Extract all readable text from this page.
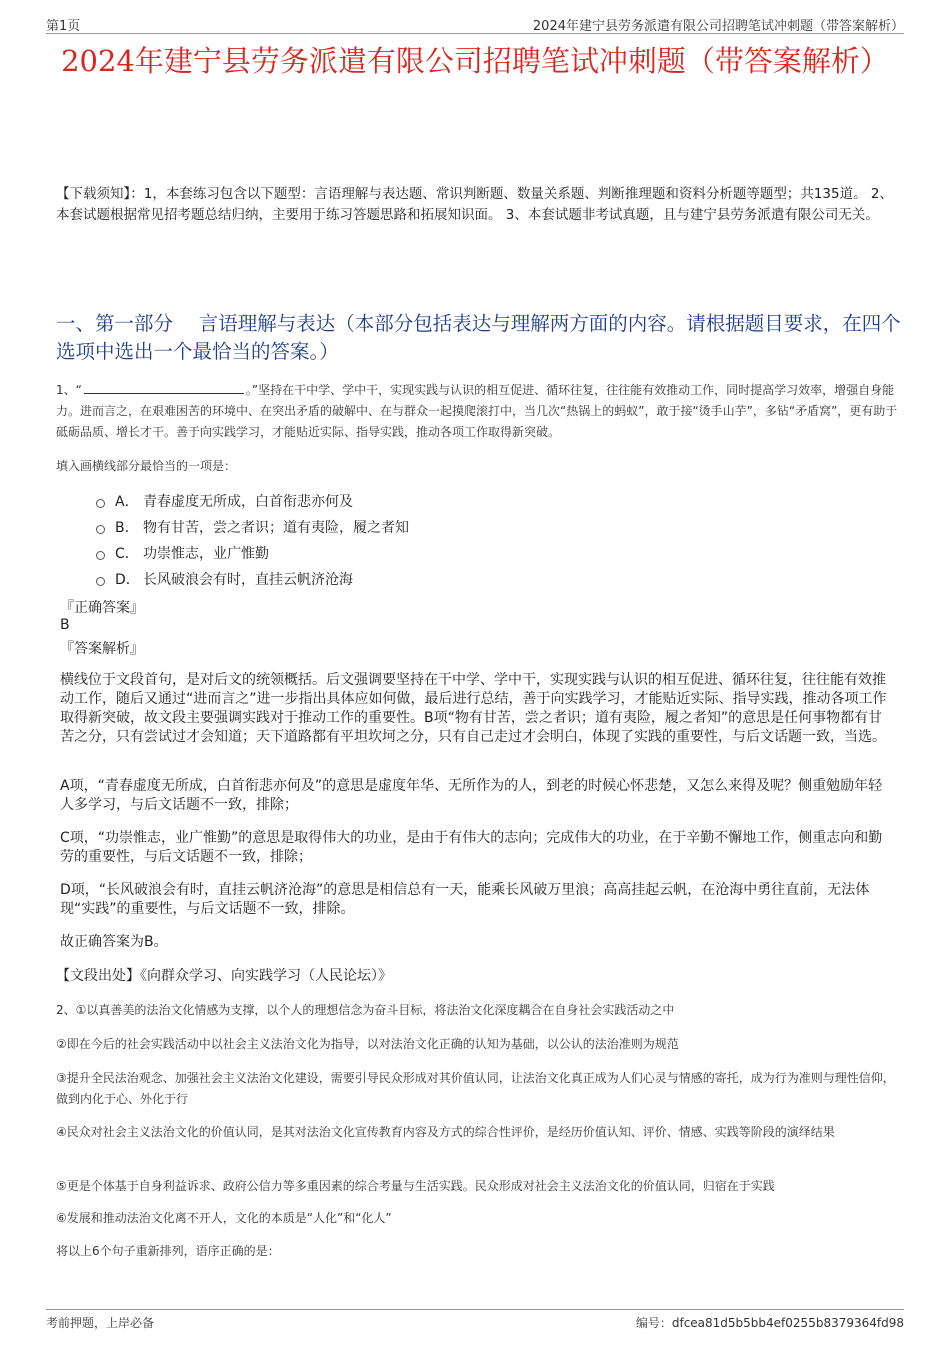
第1页	2024年建宁县劳务派遣有限公司招聘笔试冲刺题（带答案解析）
2024年建宁县劳务派遣有限公司招聘笔试冲刺题（带答案解析）
【下载须知】：1，本套练习包含以下题型：言语理解与表达题、常识判断题、数量关系题、判断推理题和资料分析题等题型；共135道。 2、本套试题根据常见招考题总结归纳，主要用于练习答题思路和拓展知识面。 3、本套试题非考试真题，且与建宁县劳务派遣有限公司无关。
一、第一部分　 言语理解与表达（本部分包括表达与理解两方面的内容。请根据题目要求，在四个选项中选出一个最恰当的答案。）
1、“	。”坚持在干中学、学中干，实现实践与认识的相互促进、循环往复，往往能有效推动工作，同时提高学习效率，增强自身能力。进而言之，在艰难困苦的环境中、在突出矛盾的破解中、在与群众一起摸爬滚打中，当几次“热锅上的蚂蚁”，敢于接“烫手山芋”，多钻“矛盾窝”，更有助于砥砺品质、增长才干。善于向实践学习，才能贴近实际、指导实践，推动各项工作取得新突破。
填入画横线部分最恰当的一项是：
A． 青春虚度无所成，白首衔悲亦何及
B． 物有甘苦，尝之者识；道有夷险，履之者知
C． 功崇惟志，业广惟勤
D． 长风破浪会有时，直挂云帆济沧海
『正确答案』
B
『答案解析』
横线位于文段首句，是对后文的统领概括。后文强调要坚持在干中学、学中干，实现实践与认识的相互促进、循环往复，往往能有效推动工作，随后又通过“进而言之”进一步指出具体应如何做，最后进行总结，善于向实践学习，才能贴近实际、指导实践，推动各项工作取得新突破，故文段主要强调实践对于推动工作的重要性。B项“物有甘苦，尝之者识；道有夷险，履之者知”的意思是任何事物都有甘苦之分，只有尝试过才会知道；天下道路都有平坦坎坷之分，只有自己走过才会明白，体现了实践的重要性，与后文话题一致，当选。
A项，“青春虚度无所成，白首衔悲亦何及”的意思是虚度年华、无所作为的人，到老的时候心怀悲楚，又怎么来得及呢？侧重勉励年轻人多学习，与后文话题不一致，排除；
C项，“功崇惟志，业广惟勤”的意思是取得伟大的功业，是由于有伟大的志向；完成伟大的功业，在于辛勤不懈地工作，侧重志向和勤劳的重要性，与后文话题不一致，排除；
D项，“长风破浪会有时，直挂云帆济沧海”的意思是相信总有一天，能乘长风破万里浪；高高挂起云帆，在沧海中勇往直前，无法体现“实践”的重要性，与后文话题不一致，排除。
故正确答案为B。
【文段出处】《向群众学习、向实践学习（人民论坛）》
2、①以真善美的法治文化情感为支撑，以个人的理想信念为奋斗目标，将法治文化深度耦合在自身社会实践活动之中
②即在今后的社会实践活动中以社会主义法治文化为指导，以对法治文化正确的认知为基础，以公认的法治准则为规范
③提升全民法治观念、加强社会主义法治文化建设，需要引导民众形成对其价值认同，让法治文化真正成为人们心灵与情感的寄托，成为行为准则与理性信仰，做到内化于心、外化于行
④民众对社会主义法治文化的价值认同，是其对法治文化宣传教育内容及方式的综合性评价，是经历价值认知、评价、情感、实践等阶段的演绎结果
⑤更是个体基于自身利益诉求、政府公信力等多重因素的综合考量与生活实践。民众形成对社会主义法治文化的价值认同，归宿在于实践
⑥发展和推动法治文化离不开人，文化的本质是“人化”和“化人”
将以上6个句子重新排列，语序正确的是：
考前押题，上岸必备	编号：dfcea81d5b5bb4ef0255b8379364fd98
